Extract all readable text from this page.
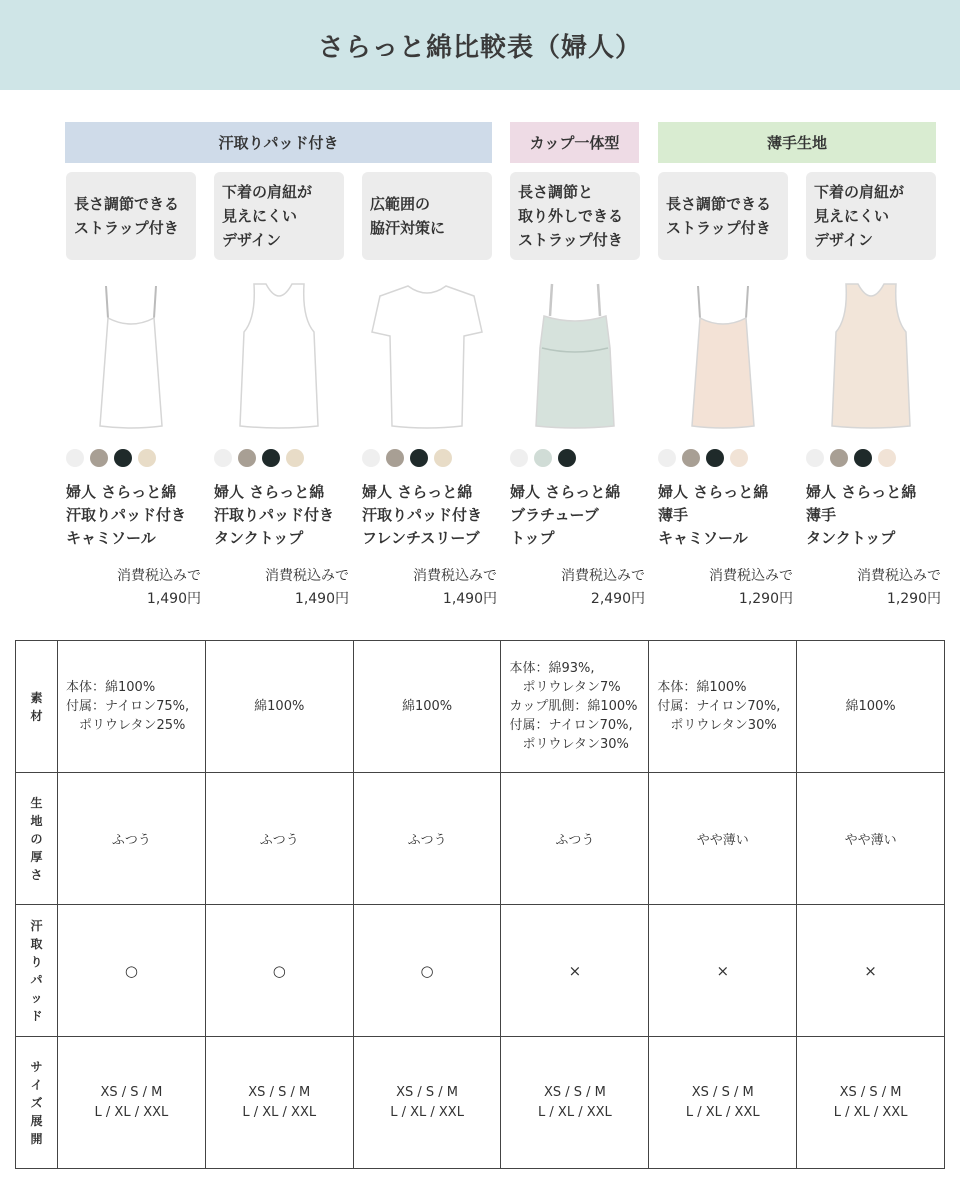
さらっと綿比較表（婦人）
汗取りパッド付き	カップ一体型	薄手生地
長さ調節できる
ストラップ付き
婦人 さらっと綿
汗取りパッド付き
キャミソール
消費税込みで
1,490円
下着の肩紐が
見えにくい
デザイン
婦人 さらっと綿
汗取りパッド付き
タンクトップ
消費税込みで
1,490円
広範囲の
脇汗対策に
婦人 さらっと綿
汗取りパッド付き
フレンチスリーブ
消費税込みで
1,490円
長さ調節と
取り外しできる
ストラップ付き
婦人 さらっと綿
ブラチューブ
トップ
消費税込みで
2,490円
長さ調節できる
ストラップ付き
婦人 さらっと綿
薄手
キャミソール
消費税込みで
1,290円
下着の肩紐が
見えにくい
デザイン
婦人 さらっと綿
薄手
タンクトップ
消費税込みで
1,290円
素材	本体：綿100%
付属：ナイロン75%,
　ポリウレタン25%	綿100%	綿100%	本体：綿93%,
　ポリウレタン7%
カップ肌側：綿100%
付属：ナイロン70%,
　ポリウレタン30%	本体：綿100%
付属：ナイロン70%,
　ポリウレタン30%	綿100%
生地の厚さ	ふつう	ふつう	ふつう	ふつう	やや薄い	やや薄い
汗取りパッド	○	○	○	×	×	×
サイズ展開	XS / S / M
L / XL / XXL	XS / S / M
L / XL / XXL	XS / S / M
L / XL / XXL	XS / S / M
L / XL / XXL	XS / S / M
L / XL / XXL	XS / S / M
L / XL / XXL
